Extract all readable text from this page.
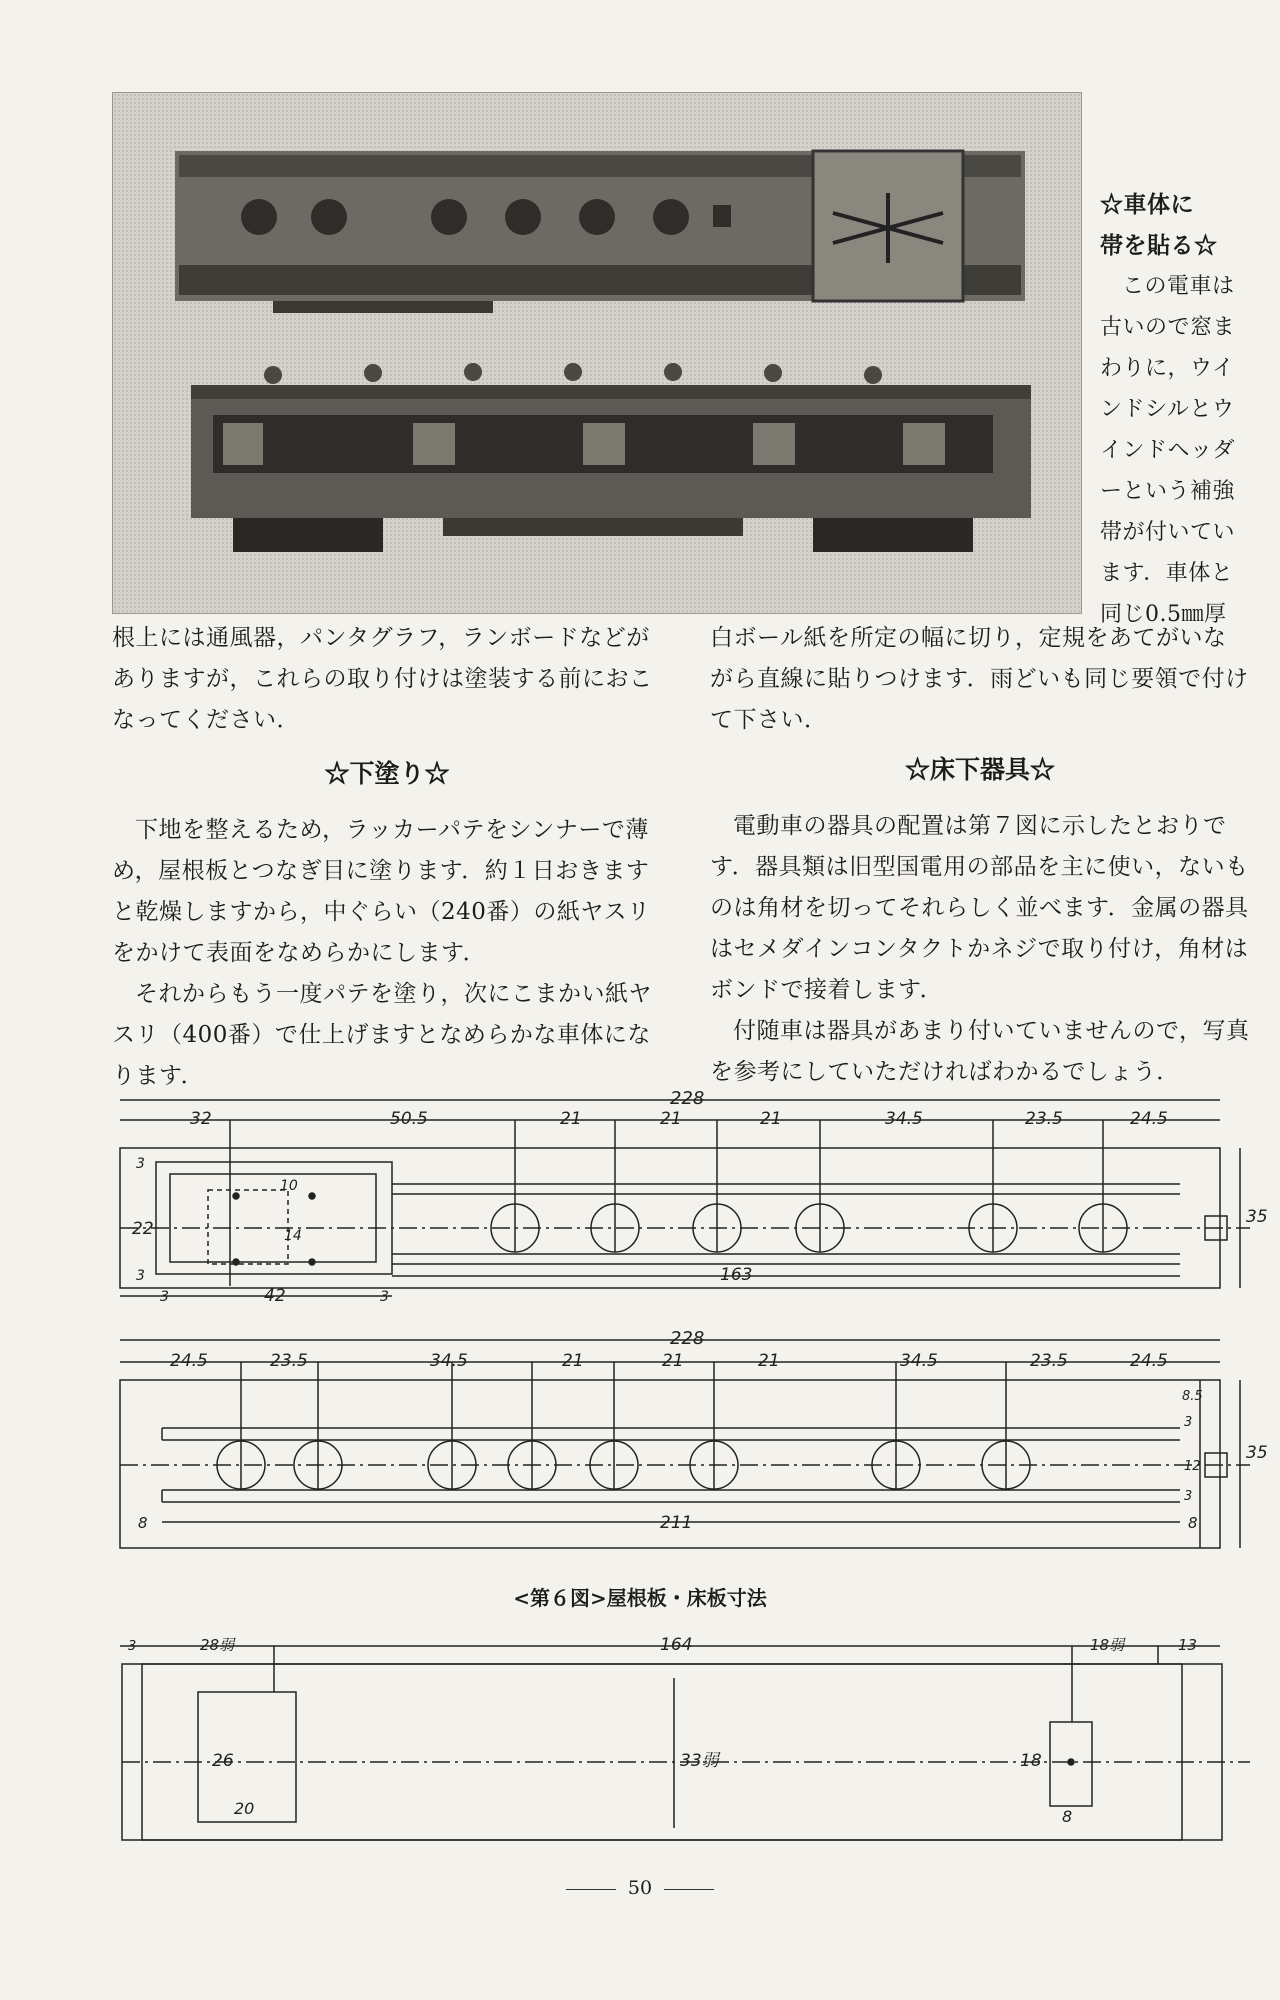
☆車体に
帯を貼る☆
この電車は古いので窓まわりに，ウインドシルとウインドヘッダーという補強帯が付いています．車体と同じ0.5㎜厚
根上には通風器，パンタグラフ，ランボードなどがありますが，これらの取り付けは塗装する前におこなってください．
☆下塗り☆
下地を整えるため，ラッカーパテをシンナーで薄め，屋根板とつなぎ目に塗ります．約１日おきますと乾燥しますから，中ぐらい（240番）の紙ヤスリをかけて表面をなめらかにします．
それからもう一度パテを塗り，次にこまかい紙ヤスリ（400番）で仕上げますとなめらかな車体になります．
白ボール紙を所定の幅に切り，定規をあてがいながら直線に貼りつけます．雨どいも同じ要領で付けて下さい．
☆床下器具☆
電動車の器具の配置は第７図に示したとおりです．器具類は旧型国電用の部品を主に使い，ないものは角材を切ってそれらしく並べます．金属の器具はセメダインコンタクトかネジで取り付け，角材はボンドで接着します．
付随車は器具があまり付いていませんので，写真を参考にしていただければわかるでしょう．
228
32	50.5	21	21	21	34.5	23.5	24.5
35
3
22
3
10
14
3	42	3
163
228
24.5	23.5	34.5	21	21	21	34.5	23.5	24.5
35
8.5
3
12
3
8
211
8
<第６図>屋根板・床板寸法
3	28弱	164	18弱	13
33弱
26
20
18
8
50
